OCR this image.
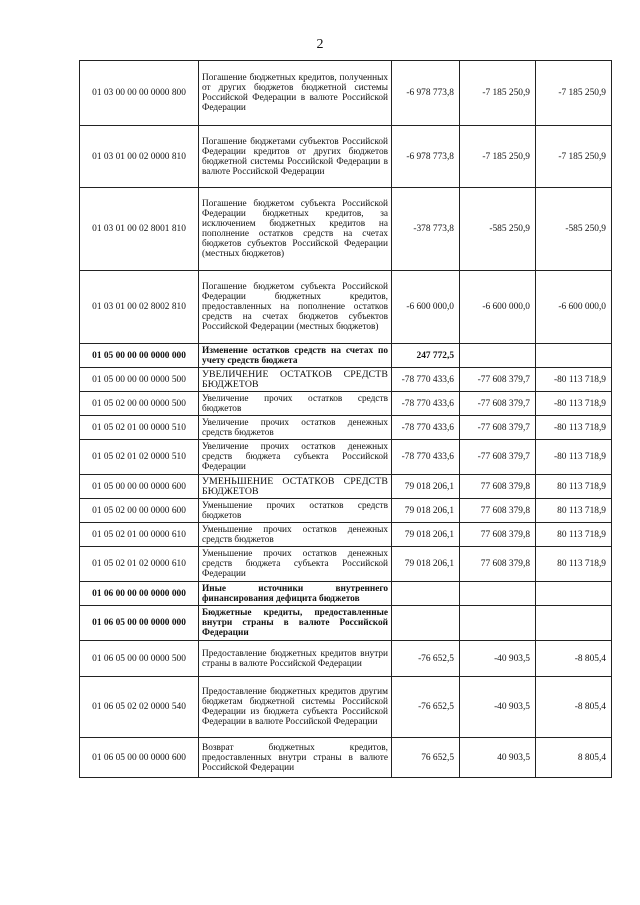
2
01 03 00 00 00 0000 800	Погашение бюджетных кредитов, полученных от других бюджетов бюджетной системы Российской Федерации в валюте Российской Федерации	-6 978 773,8	-7 185 250,9	-7 185 250,9
01 03 01 00 02 0000 810	Погашение бюджетами субъектов Российской Федерации кредитов от других бюджетов бюджетной системы Российской Федерации в валюте Российской Федерации	-6 978 773,8	-7 185 250,9	-7 185 250,9
01 03 01 00 02 8001 810	Погашение бюджетом субъекта Российской Федерации бюджетных кредитов, за исключением бюджетных кредитов на пополнение остатков средств на счетах бюджетов субъектов Российской Федерации (местных бюджетов)	-378 773,8	-585 250,9	-585 250,9
01 03 01 00 02 8002 810	Погашение бюджетом субъекта Российской Федерации бюджетных кредитов, предоставленных на пополнение остатков средств на счетах бюджетов субъектов Российской Федерации (местных бюджетов)	-6 600 000,0	-6 600 000,0	-6 600 000,0
01 05 00 00 00 0000 000	Изменение остатков средств на счетах по учету средств бюджета	247 772,5		
01 05 00 00 00 0000 500	УВЕЛИЧЕНИЕ ОСТАТКОВ СРЕДСТВ БЮДЖЕТОВ	-78 770 433,6	-77 608 379,7	-80 113 718,9
01 05 02 00 00 0000 500	Увеличение прочих остатков средств бюджетов	-78 770 433,6	-77 608 379,7	-80 113 718,9
01 05 02 01 00 0000 510	Увеличение прочих остатков денежных средств бюджетов	-78 770 433,6	-77 608 379,7	-80 113 718,9
01 05 02 01 02 0000 510	Увеличение прочих остатков денежных средств бюджета субъекта Российской Федерации	-78 770 433,6	-77 608 379,7	-80 113 718,9
01 05 00 00 00 0000 600	УМЕНЬШЕНИЕ ОСТАТКОВ СРЕДСТВ БЮДЖЕТОВ	79 018 206,1	77 608 379,8	80 113 718,9
01 05 02 00 00 0000 600	Уменьшение прочих остатков средств бюджетов	79 018 206,1	77 608 379,8	80 113 718,9
01 05 02 01 00 0000 610	Уменьшение прочих остатков денежных средств бюджетов	79 018 206,1	77 608 379,8	80 113 718,9
01 05 02 01 02 0000 610	Уменьшение прочих остатков денежных средств бюджета субъекта Российской Федерации	79 018 206,1	77 608 379,8	80 113 718,9
01 06 00 00 00 0000 000	Иные источники внутреннего финансирования дефицита бюджетов			
01 06 05 00 00 0000 000	Бюджетные кредиты, предоставленные внутри страны в валюте Российской Федерации			
01 06 05 00 00 0000 500	Предоставление бюджетных кредитов внутри страны в валюте Российской Федерации	-76 652,5	-40 903,5	-8 805,4
01 06 05 02 02 0000 540	Предоставление бюджетных кредитов другим бюджетам бюджетной системы Российской Федерации из бюджета субъекта Российской Федерации в валюте Российской Федерации	-76 652,5	-40 903,5	-8 805,4
01 06 05 00 00 0000 600	Возврат бюджетных кредитов, предоставленных внутри страны в валюте Российской Федерации	76 652,5	40 903,5	8 805,4
